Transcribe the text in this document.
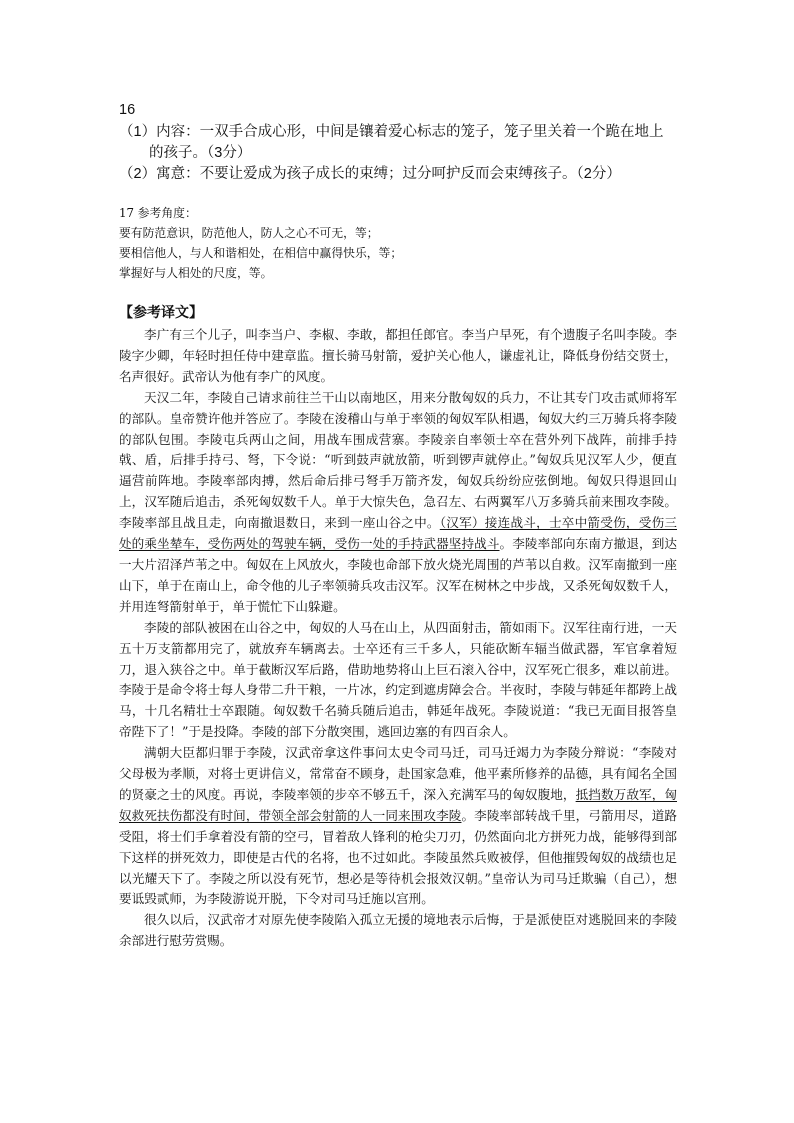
16
（1）内容：一双手合成心形，中间是镶着爱心标志的笼子，笼子里关着一个跪在地上的孩子。（3分）
（2）寓意：不要让爱成为孩子成长的束缚；过分呵护反而会束缚孩子。（2分）
17 参考角度：
要有防范意识，防范他人，防人之心不可无，等；
要相信他人，与人和谐相处，在相信中赢得快乐，等；
掌握好与人相处的尺度，等。
【参考译文】

李广有三个儿子，叫李当户、李椒、李敢，都担任郎官。李当户早死，有个遗腹子名叫李陵。李陵字少卿，年轻时担任侍中建章监。擅长骑马射箭，爱护关心他人，谦虚礼让，降低身份结交贤士，名声很好。武帝认为他有李广的风度。

天汉二年，李陵自己请求前往兰干山以南地区，用来分散匈奴的兵力，不让其专门攻击贰师将军的部队。皇帝赞许他并答应了。李陵在浚稽山与单于率领的匈奴军队相遇，匈奴大约三万骑兵将李陵的部队包围。李陵屯兵两山之间，用战车围成营寨。李陵亲自率领士卒在营外列下战阵，前排手持戟、盾，后排手持弓、弩，下令说：“听到鼓声就放箭，听到锣声就停止。”匈奴兵见汉军人少，便直逼营前阵地。李陵率部肉搏，然后命后排弓弩手万箭齐发，匈奴兵纷纷应弦倒地。匈奴只得退回山上，汉军随后追击，杀死匈奴数千人。单于大惊失色，急召左、右两翼军八万多骑兵前来围攻李陵。李陵率部且战且走，向南撤退数日，来到一座山谷之中。（汉军）接连战斗，士卒中箭受伤，受伤三处的乘坐辇车，受伤两处的驾驶车辆，受伤一处的手持武器坚持战斗。李陵率部向东南方撤退，到达一大片沼泽芦苇之中。匈奴在上风放火，李陵也命部下放火烧光周围的芦苇以自救。汉军南撤到一座山下，单于在南山上，命令他的儿子率领骑兵攻击汉军。汉军在树林之中步战，又杀死匈奴数千人，并用连弩箭射单于，单于慌忙下山躲避。

李陵的部队被困在山谷之中，匈奴的人马在山上，从四面射击，箭如雨下。汉军往南行进，一天五十万支箭都用完了，就放弃车辆离去。士卒还有三千多人，只能砍断车辐当做武器，军官拿着短刀，退入狭谷之中。单于截断汉军后路，借助地势将山上巨石滚入谷中，汉军死亡很多，难以前进。李陵于是命令将士每人身带二升干粮，一片冰，约定到遮虏障会合。半夜时，李陵与韩延年都跨上战马，十几名精壮士卒跟随。匈奴数千名骑兵随后追击，韩延年战死。李陵说道：“我已无面目报答皇帝陛下了！”于是投降。李陵的部下分散突围，逃回边塞的有四百余人。

满朝大臣都归罪于李陵，汉武帝拿这件事问太史令司马迁，司马迁竭力为李陵分辩说：“李陵对父母极为孝顺，对将士更讲信义，常常奋不顾身，赴国家急难，他平素所修养的品德，具有闻名全国的贤豪之士的风度。再说，李陵率领的步卒不够五千，深入充满军马的匈奴腹地，抵挡数万敌军，匈奴救死扶伤都没有时间，带领全部会射箭的人一同来围攻李陵。李陵率部转战千里，弓箭用尽，道路受阻，将士们手拿着没有箭的空弓，冒着敌人锋利的枪尖刀刃，仍然面向北方拼死力战，能够得到部下这样的拼死效力，即使是古代的名将，也不过如此。李陵虽然兵败被俘，但他摧毁匈奴的战绩也足以光耀天下了。李陵之所以没有死节，想必是等待机会报效汉朝。”皇帝认为司马迁欺骗（自己），想要诋毁贰师，为李陵游说开脱，下令对司马迁施以宫刑。

很久以后，汉武帝才对原先使李陵陷入孤立无援的境地表示后悔，于是派使臣对逃脱回来的李陵余部进行慰劳赏赐。
